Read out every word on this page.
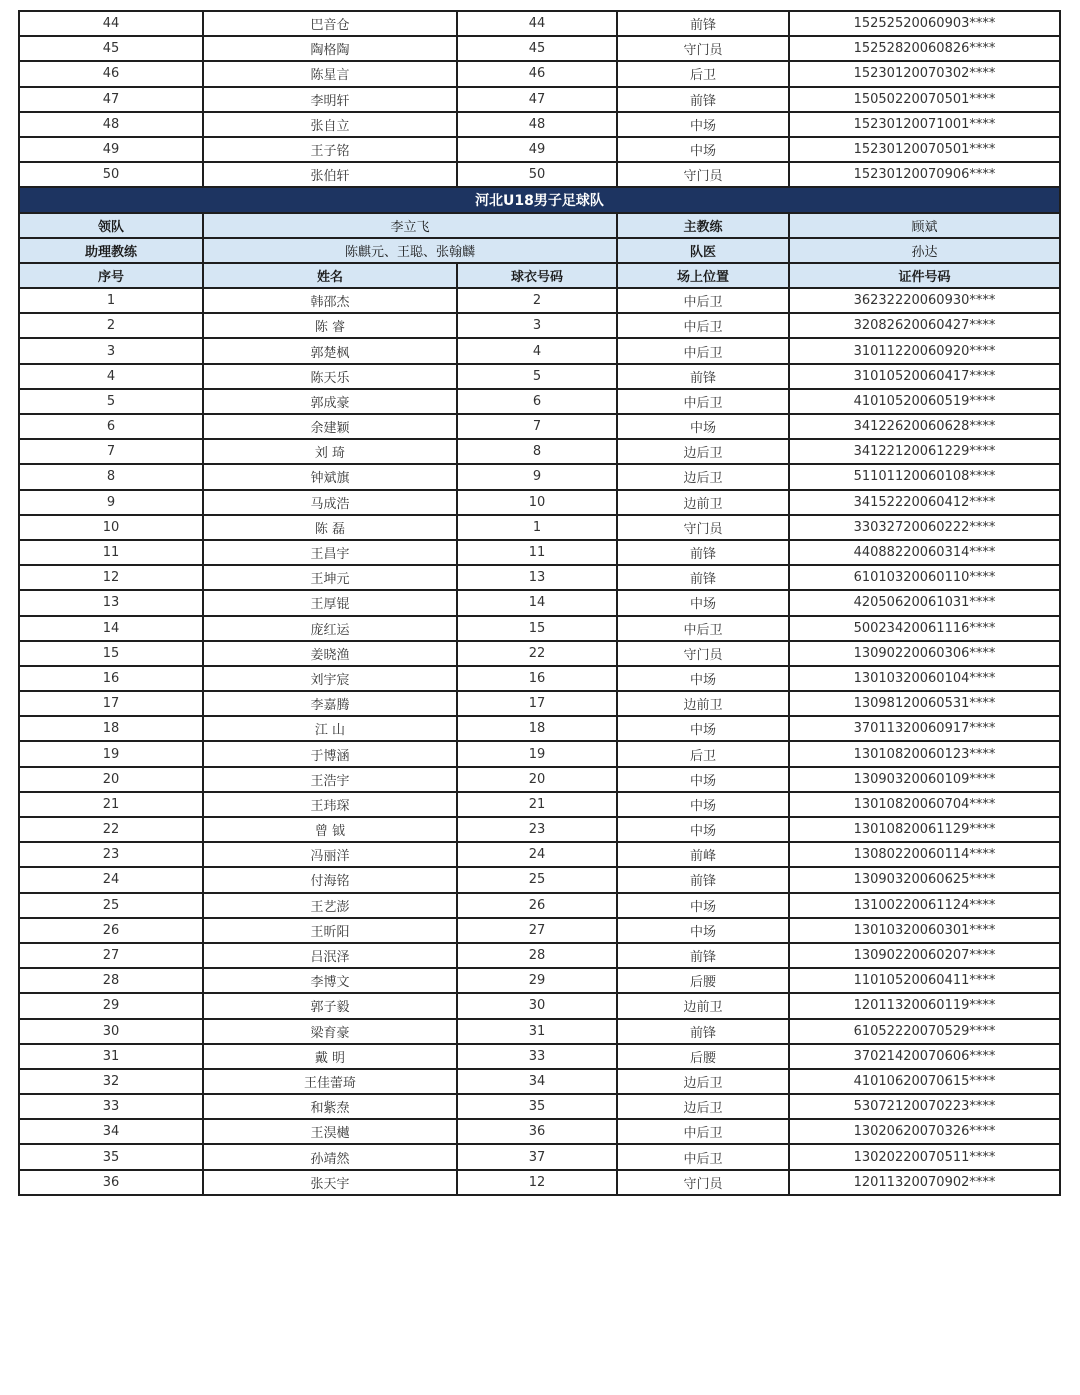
44	巴音仓	44	前锋	15252520060903****
45	陶格陶	45	守门员	15252820060826****
46	陈星言	46	后卫	15230120070302****
47	李明轩	47	前锋	15050220070501****
48	张自立	48	中场	15230120071001****
49	王子铭	49	中场	15230120070501****
50	张伯轩	50	守门员	15230120070906****
河北U18男子足球队				
领队	李立飞		主教练	顾斌
助理教练	陈麒元、王聪、张翰麟		队医	孙达
序号	姓名	球衣号码	场上位置	证件号码
1	韩邵杰	2	中后卫	36232220060930****
2	陈 睿	3	中后卫	32082620060427****
3	郭楚枫	4	中后卫	31011220060920****
4	陈天乐	5	前锋	31010520060417****
5	郭成豪	6	中后卫	41010520060519****
6	余建颖	7	中场	34122620060628****
7	刘 琦	8	边后卫	34122120061229****
8	钟斌旗	9	边后卫	51101120060108****
9	马成浩	10	边前卫	34152220060412****
10	陈 磊	1	守门员	33032720060222****
11	王昌宇	11	前锋	44088220060314****
12	王坤元	13	前锋	61010320060110****
13	王厚锟	14	中场	42050620061031****
14	庞红运	15	中后卫	50023420061116****
15	姜晓渔	22	守门员	13090220060306****
16	刘宇宸	16	中场	13010320060104****
17	李嘉腾	17	边前卫	13098120060531****
18	江 山	18	中场	37011320060917****
19	于博涵	19	后卫	13010820060123****
20	王浩宇	20	中场	13090320060109****
21	王玮琛	21	中场	13010820060704****
22	曾 钺	23	中场	13010820061129****
23	冯丽洋	24	前峰	13080220060114****
24	付海铭	25	前锋	13090320060625****
25	王艺澎	26	中场	13100220061124****
26	王昕阳	27	中场	13010320060301****
27	吕泯泽	28	前锋	13090220060207****
28	李博文	29	后腰	11010520060411****
29	郭子毅	30	边前卫	12011320060119****
30	梁育豪	31	前锋	61052220070529****
31	戴 明	33	后腰	37021420070606****
32	王佳蕾琦	34	边后卫	41010620070615****
33	和紫焘	35	边后卫	53072120070223****
34	王淏樾	36	中后卫	13020620070326****
35	孙靖然	37	中后卫	13020220070511****
36	张天宇	12	守门员	12011320070902****
